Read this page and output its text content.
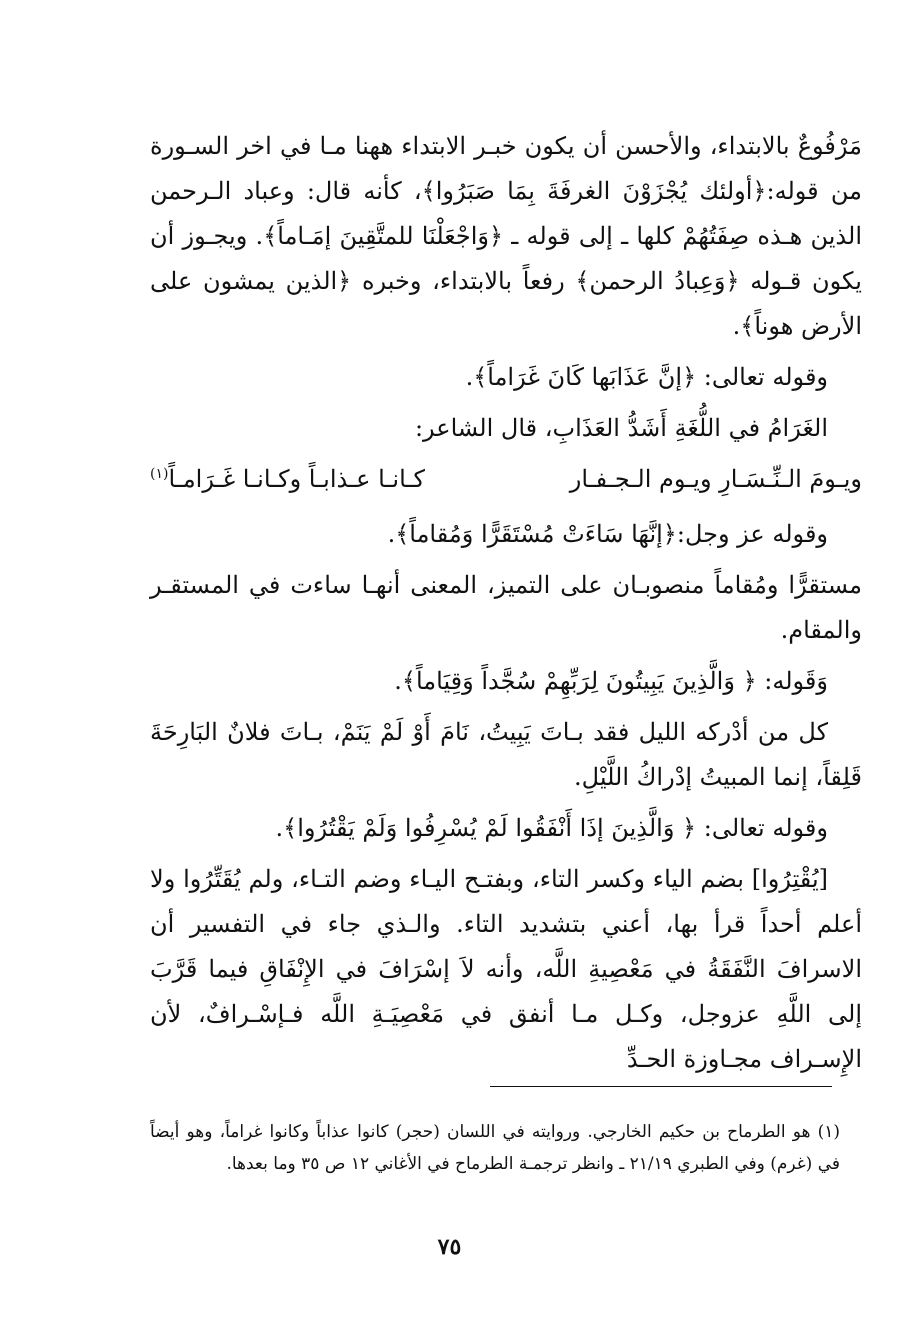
مَرْفُوعٌ بالابتداء، والأحسن أن يكون خبـر الابتداء ههنا مـا في اخر السـورة من قوله:﴿أولئك يُجْزَوْنَ الغرفَةَ بِمَا صَبَرُوا﴾، كأنه قال: وعباد الـرحمن الذين هـذه صِفَتُهُمْ كلها ـ إلى قوله ـ ﴿وَاجْعَلْنَا للمتَّقِينَ إمَـاماً﴾. ويجـوز أن يكون قـوله ﴿وَعِبادُ الرحمن﴾ رفعاً بالابتداء، وخبره ﴿الذين يمشون على الأرض هوناً﴾.

وقوله تعالى: ﴿إنَّ عَذَابَها كَانَ غَرَاماً﴾.

الغَرَامُ في اللُّغَةِ أَشَدُّ العَذَابِ، قال الشاعر:

ويـومَ الـنِّـسَـارِ ويـوم الـجـفـار
كـانـا عـذابـاً وكـانـا غَـرَامـاً$^{(١)}$

وقوله عز وجل:﴿إنَّهَا سَاءَتْ مُسْتَقَرًّا وَمُقاماً﴾.

مستقرًّا ومُقاماً منصوبـان على التميز، المعنى أنهـا ساءت في المستقـر والمقام.

وَقَوله: ﴿ وَالَّذِينَ يَبِيتُونَ لِرَبِّهِمْ سُجَّداً وَقِيَاماً﴾.

كل من أدْركه الليل فقد بـاتَ يَبِيتُ، نَامَ أَوْ لَمْ يَنَمْ، بـاتَ فلانٌ البَارِحَةَ قَلِقاً، إنما المبيتُ إدْراكُ اللَّيْلِ.

وقوله تعالى: ﴿ وَالَّذِينَ إذَا أَنْفَقُوا لَمْ يُسْرِفُوا وَلَمْ يَقْتُرُوا﴾.

[يُقْتِرُوا] بضم الياء وكسر التاء، وبفتـح اليـاء وضم التـاء، ولم يُقَتِّرُوا ولا أعلم أحداً قرأ بها، أعني بتشديد التاء. والـذي جاء في التفسير أن الاسرافَ النَّفَقَةُ في مَعْصِيةِ اللَّه، وأنه لاَ إسْرَافَ في الإِنْفَاقِ فيما قَرَّبَ إلى اللَّهِ عزوجل، وكـل مـا أنفق في مَعْصِيَـةِ اللَّه فـإسْـرافٌ، لأن الإِسـراف مجـاوزة الحـدِّ

(١) هو الطرماح بن حكيم الخارجي. وروايته في اللسان (حجر) كانوا عذاباً وكانوا غراماً، وهو أيضاً في (غرم) وفي الطبري ٢١/١٩ ـ وانظر ترجمـة الطرماح في الأغاني ١٢ ص ٣٥ وما بعدها.
٧٥
